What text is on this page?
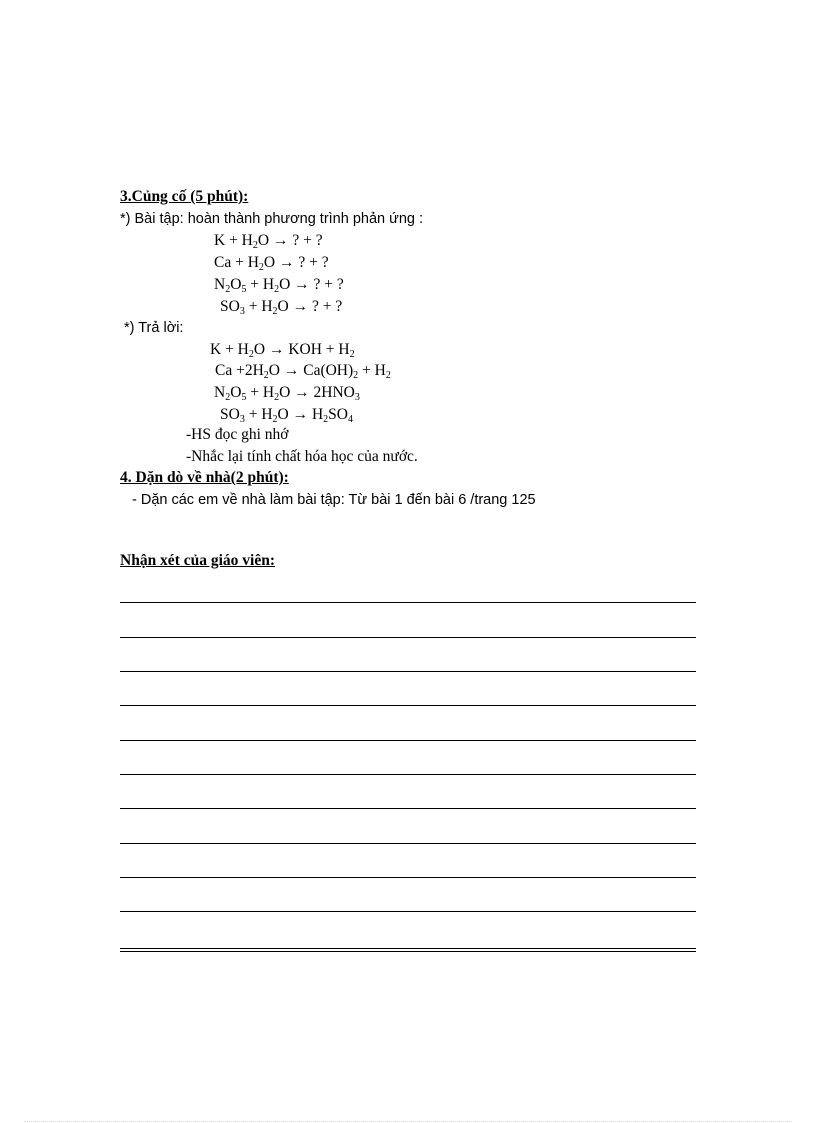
3.Củng cố (5 phút):
*) Bài tập: hoàn thành phương trình phản ứng :
$K + H_2O$ → ? + ?
$Ca + H_2O$ → ? + ?
$N_2O_5 + H_2O$ → ? + ?
$SO_3 + H_2O$ → ? + ?
*) Trả lời:
$K + H_2O$ → KOH + $H_2$
$Ca +2H_2O \to Ca(OH)_2 + H_2$
$N_2O_5 + H_2O \to 2HNO_3$
$SO_3 + H_2O \to H_2SO_4$
-HS đọc ghi nhớ
-Nhắc lại tính chất hóa học của nước.
4. Dặn dò về nhà(2 phút):
- Dặn các em về nhà làm bài tập: Từ bài 1 đến bài 6 /trang 125
Nhận xét của giáo viên:
